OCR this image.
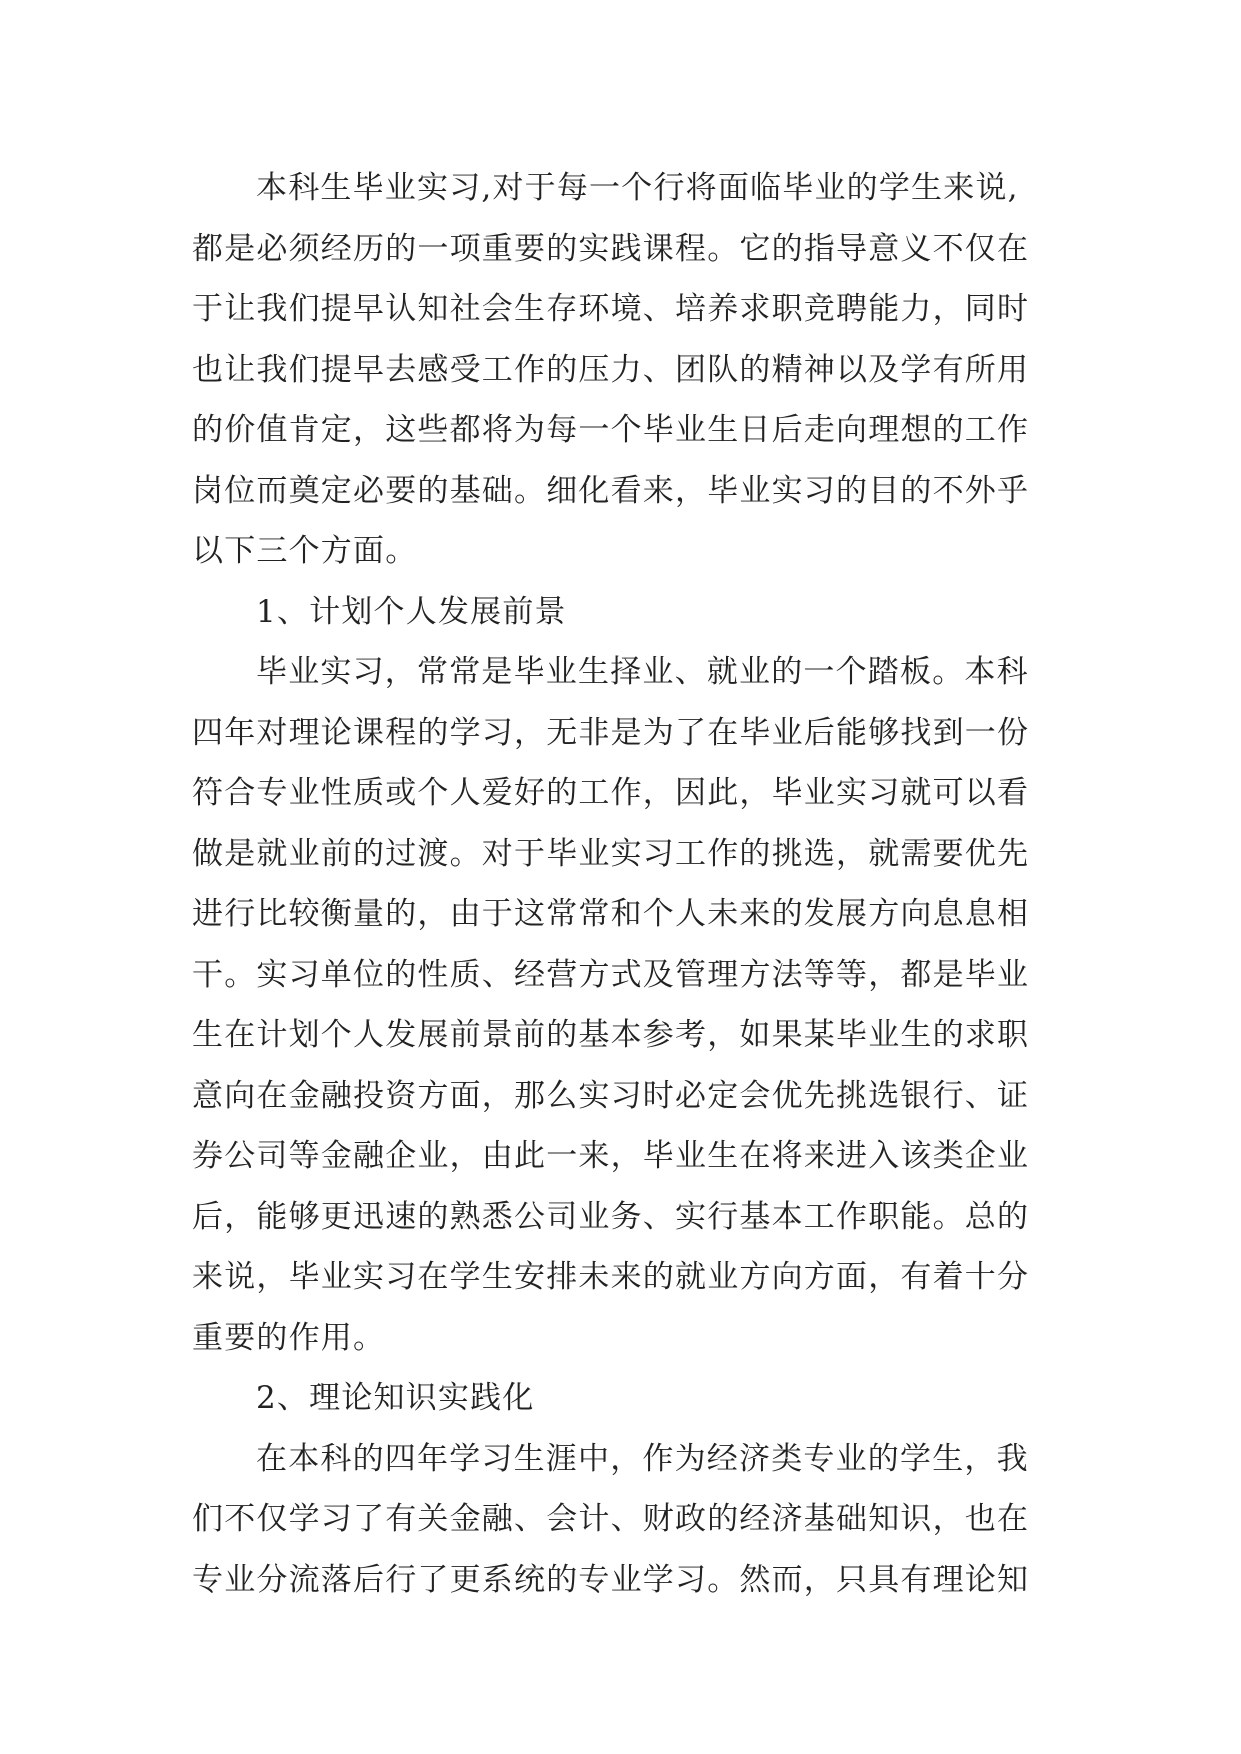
本科生毕业实习,对于每一个行将面临毕业的学生来说,
都是必须经历的一项重要的实践课程。它的指导意义不仅在
于让我们提早认知社会生存环境、培养求职竞聘能力，同时
也让我们提早去感受工作的压力、团队的精神以及学有所用
的价值肯定，这些都将为每一个毕业生日后走向理想的工作
岗位而奠定必要的基础。细化看来，毕业实习的目的不外乎
以下三个方面。
1、计划个人发展前景
毕业实习，常常是毕业生择业、就业的一个踏板。本科
四年对理论课程的学习，无非是为了在毕业后能够找到一份
符合专业性质或个人爱好的工作，因此，毕业实习就可以看
做是就业前的过渡。对于毕业实习工作的挑选，就需要优先
进行比较衡量的，由于这常常和个人未来的发展方向息息相
干。实习单位的性质、经营方式及管理方法等等，都是毕业
生在计划个人发展前景前的基本参考，如果某毕业生的求职
意向在金融投资方面，那么实习时必定会优先挑选银行、证
券公司等金融企业，由此一来，毕业生在将来进入该类企业
后，能够更迅速的熟悉公司业务、实行基本工作职能。总的
来说，毕业实习在学生安排未来的就业方向方面，有着十分
重要的作用。
2、理论知识实践化
在本科的四年学习生涯中，作为经济类专业的学生，我
们不仅学习了有关金融、会计、财政的经济基础知识，也在
专业分流落后行了更系统的专业学习。然而，只具有理论知
